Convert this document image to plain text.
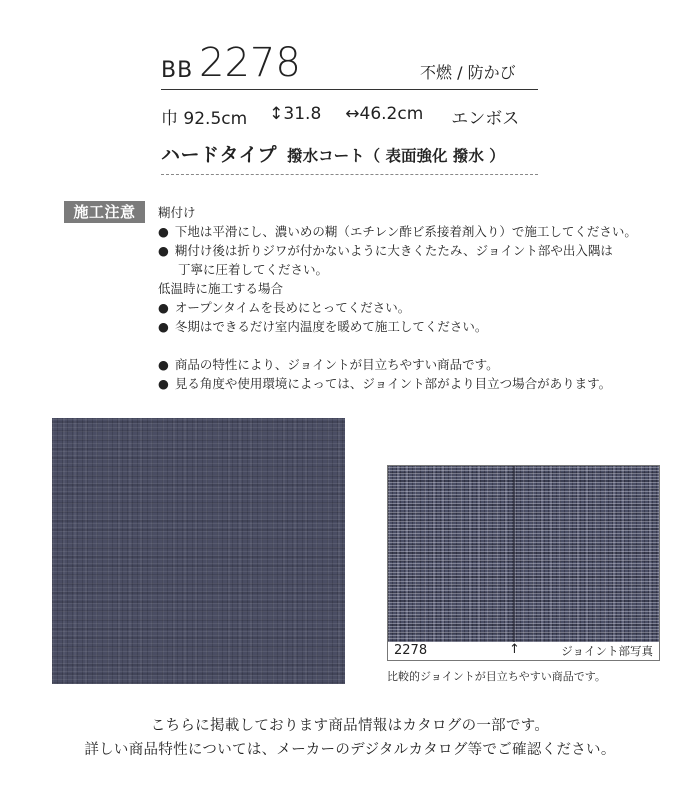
BB 2278	不燃 / 防かび
巾 92.5cm ↕31.8 ↔46.2cm エンボス
ハードタイプ 撥水コート（ 表面強化 撥水 ）
施工注意	糊付け
● 下地は平滑にし、濃いめの糊（エチレン酢ビ系接着剤入り）で施工してください。
● 糊付け後は折りジワが付かないように大きくたたみ、ジョイント部や出入隅は
丁寧に圧着してください。
低温時に施工する場合
● オープンタイムを長めにとってください。
● 冬期はできるだけ室内温度を暖めて施工してください。
● 商品の特性により、ジョイントが目立ちやすい商品です。
● 見る角度や使用環境によっては、ジョイント部がより目立つ場合があります。
2278	↑	ジョイント部写真
比較的ジョイントが目立ちやすい商品です。
こちらに掲載しております商品情報はカタログの一部です。
詳しい商品特性については、メーカーのデジタルカタログ等でご確認ください。
